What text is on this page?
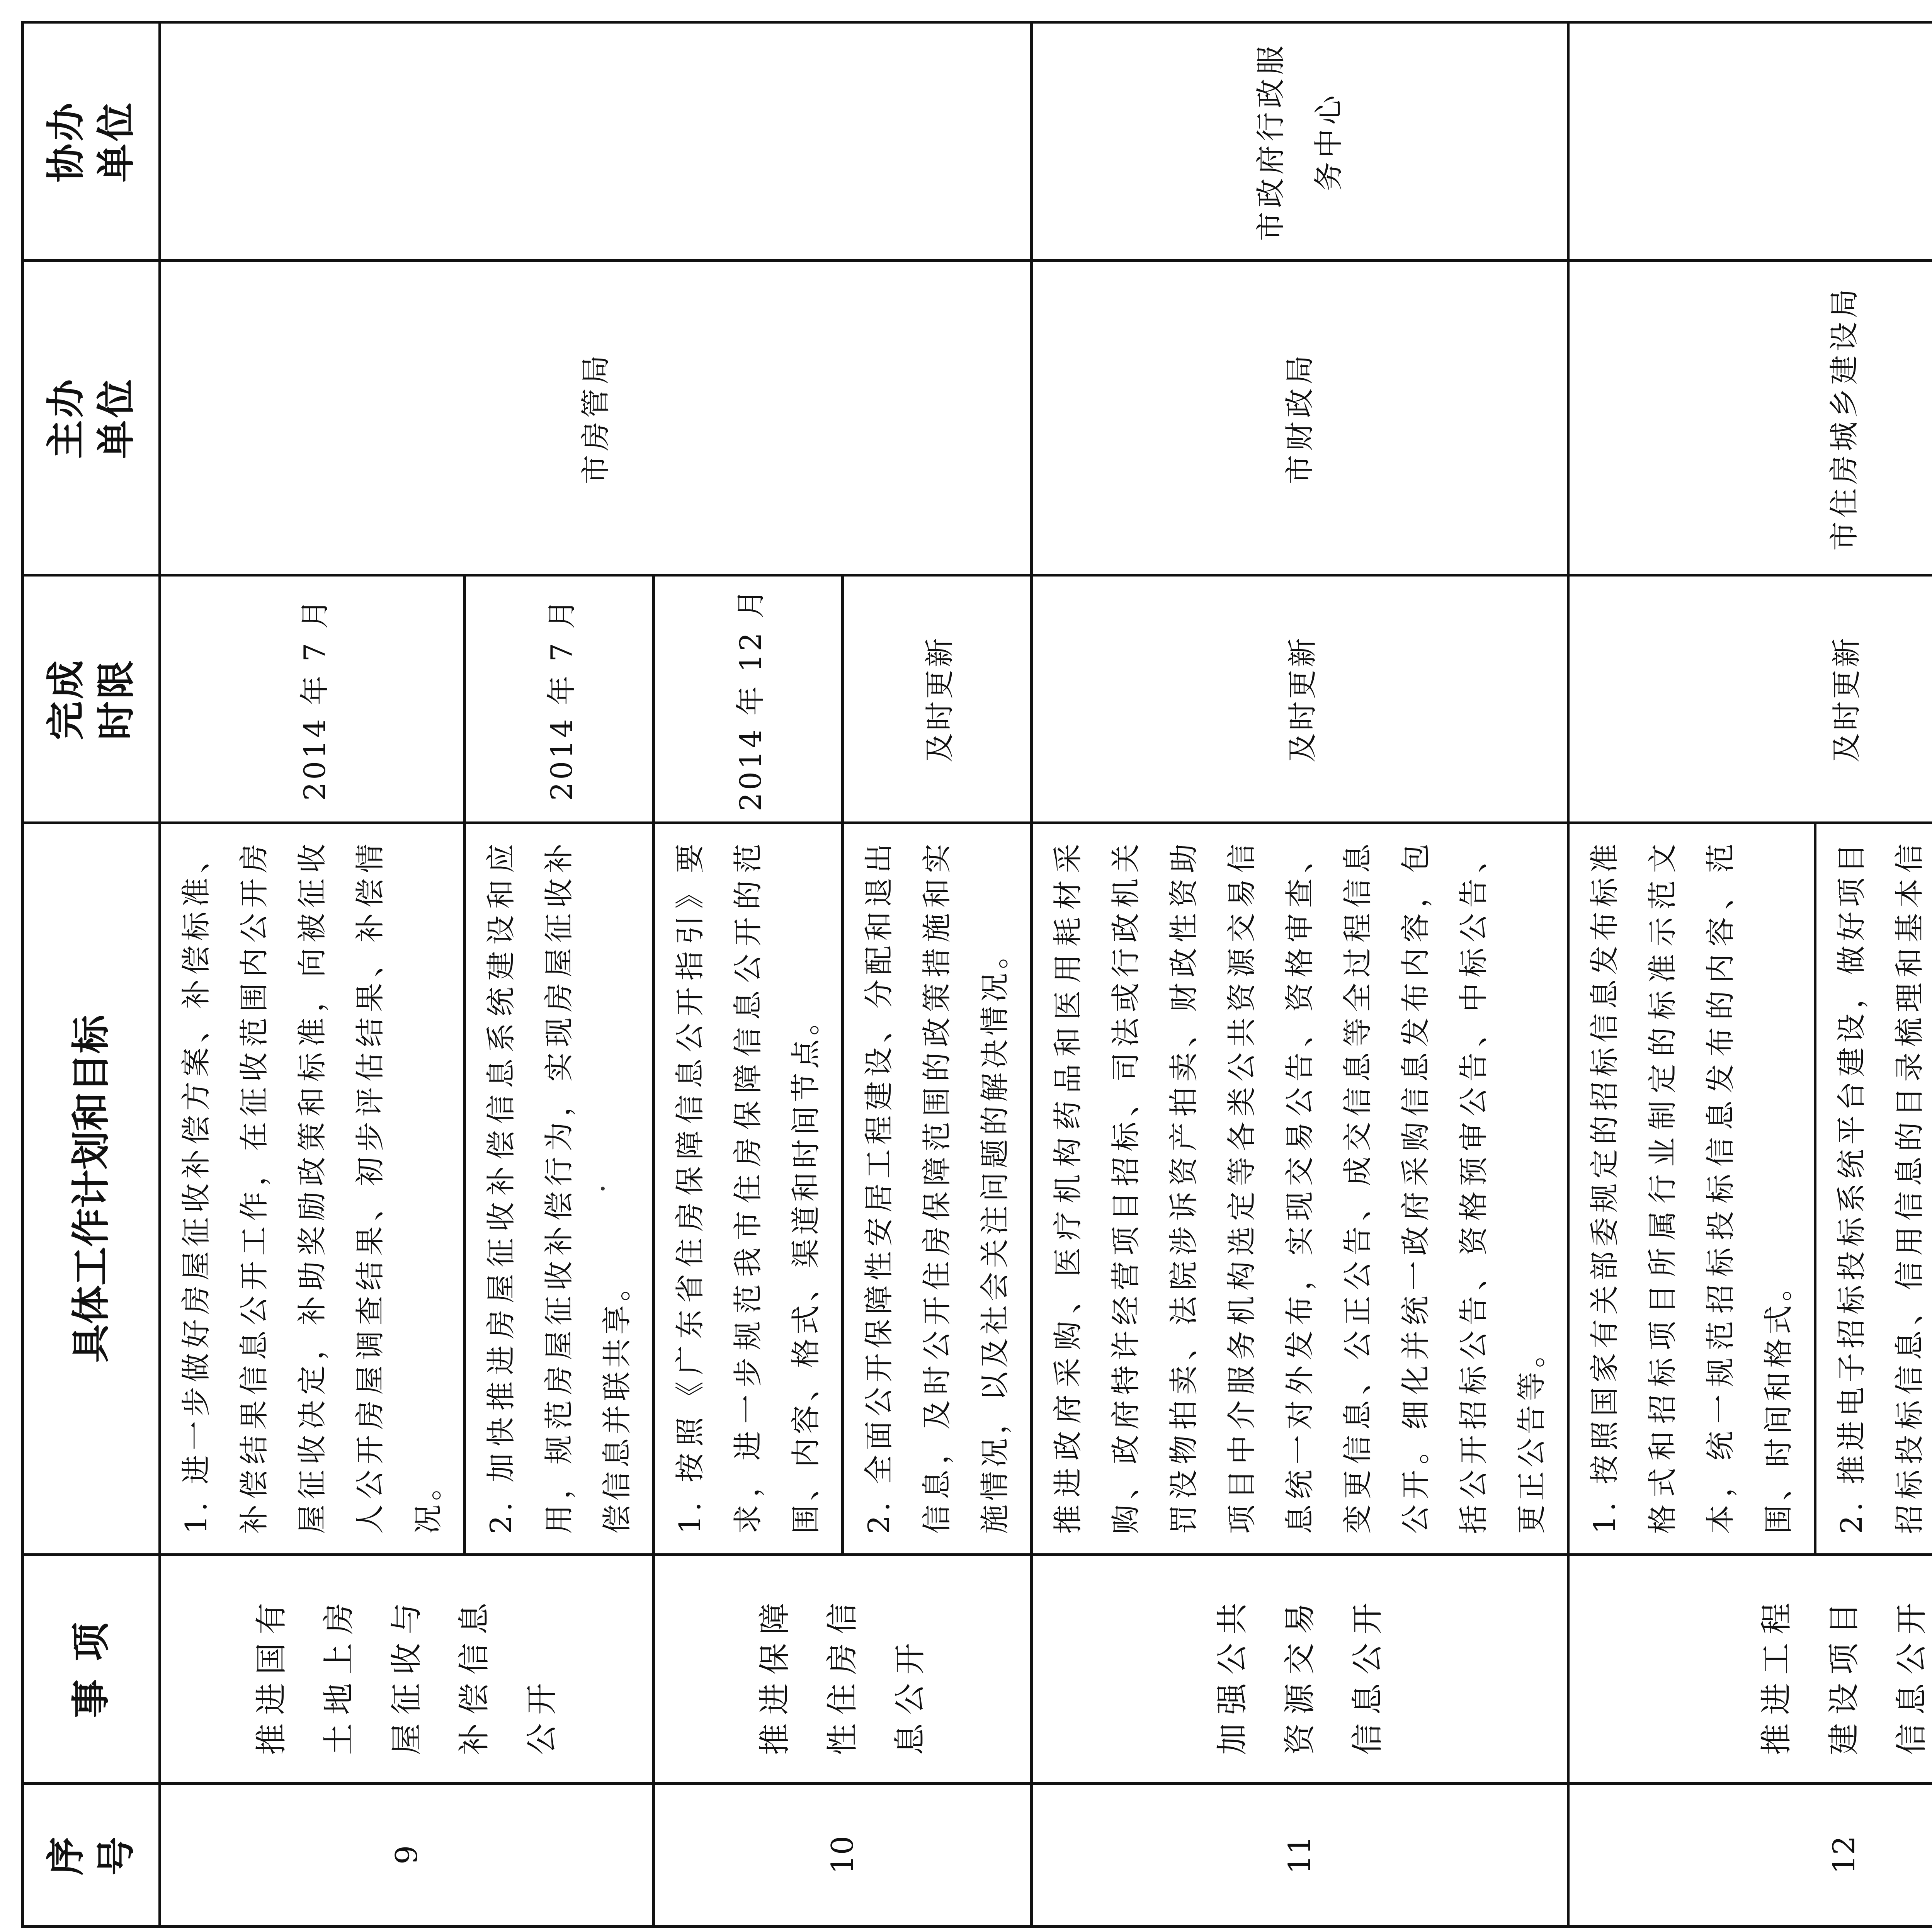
序 号	事 项	具体工作计划和目标	完成 时限	主办 单位	协办 单位

9	推进国有土地上房屋征收与补偿信息公开	1. 进一步做好房屋征收补偿方案、补偿标准、补偿结果信息公开工作，在征收范围内公开房屋征收决定，补助奖励政策和标准，向被征收人公开房屋调查结果、初步评估结果、补偿情况。	2014 年 7 月	市房管局	
		2. 加快推进房屋征收补偿信息系统建设和应用，规范房屋征收补偿行为，实现房屋征收补偿信息并联共享。	2014 年 7 月		
10	推进保障性住房信息公开	1. 按照《广东省住房保障信息公开指引》要求，进一步规范我市住房保障信息公开的范围、内容、格式、渠道和时间节点。	2014 年 12 月		
		2. 全面公开保障性安居工程建设、分配和退出信息，及时公开住房保障范围的政策措施和实施情况，以及社会关注问题的解决情况。	及时更新		
11	加强公共资源交易信息公开	推进政府采购、医疗机构药品和医用耗材采购、政府特许经营项目招标、司法或行政机关罚没物拍卖、法院涉诉资产拍卖、财政性资助项目中介服务机构选定等各类公共资源交易信息统一对外发布，实现交易公告、资格审查、变更信息、公正公告、成交信息等全过程信息公开。细化并统一政府采购信息发布内容，包括公开招标公告、资格预审公告、中标公告、更正公告等。	及时更新	市财政局	市政府行政服务中心
12	推进工程建设项目信息公开	1. 按照国家有关部委规定的招标信息发布标准格式和招标项目所属行业制定的标准示范文本，统一规范招标投标信息发布的内容、范围、时间和格式。	及时更新	市住房城乡建设局	
		2. 推进电子招标投标系统平台建设，做好项目招标投标信息、信用信息的目录梳理和基本信			
